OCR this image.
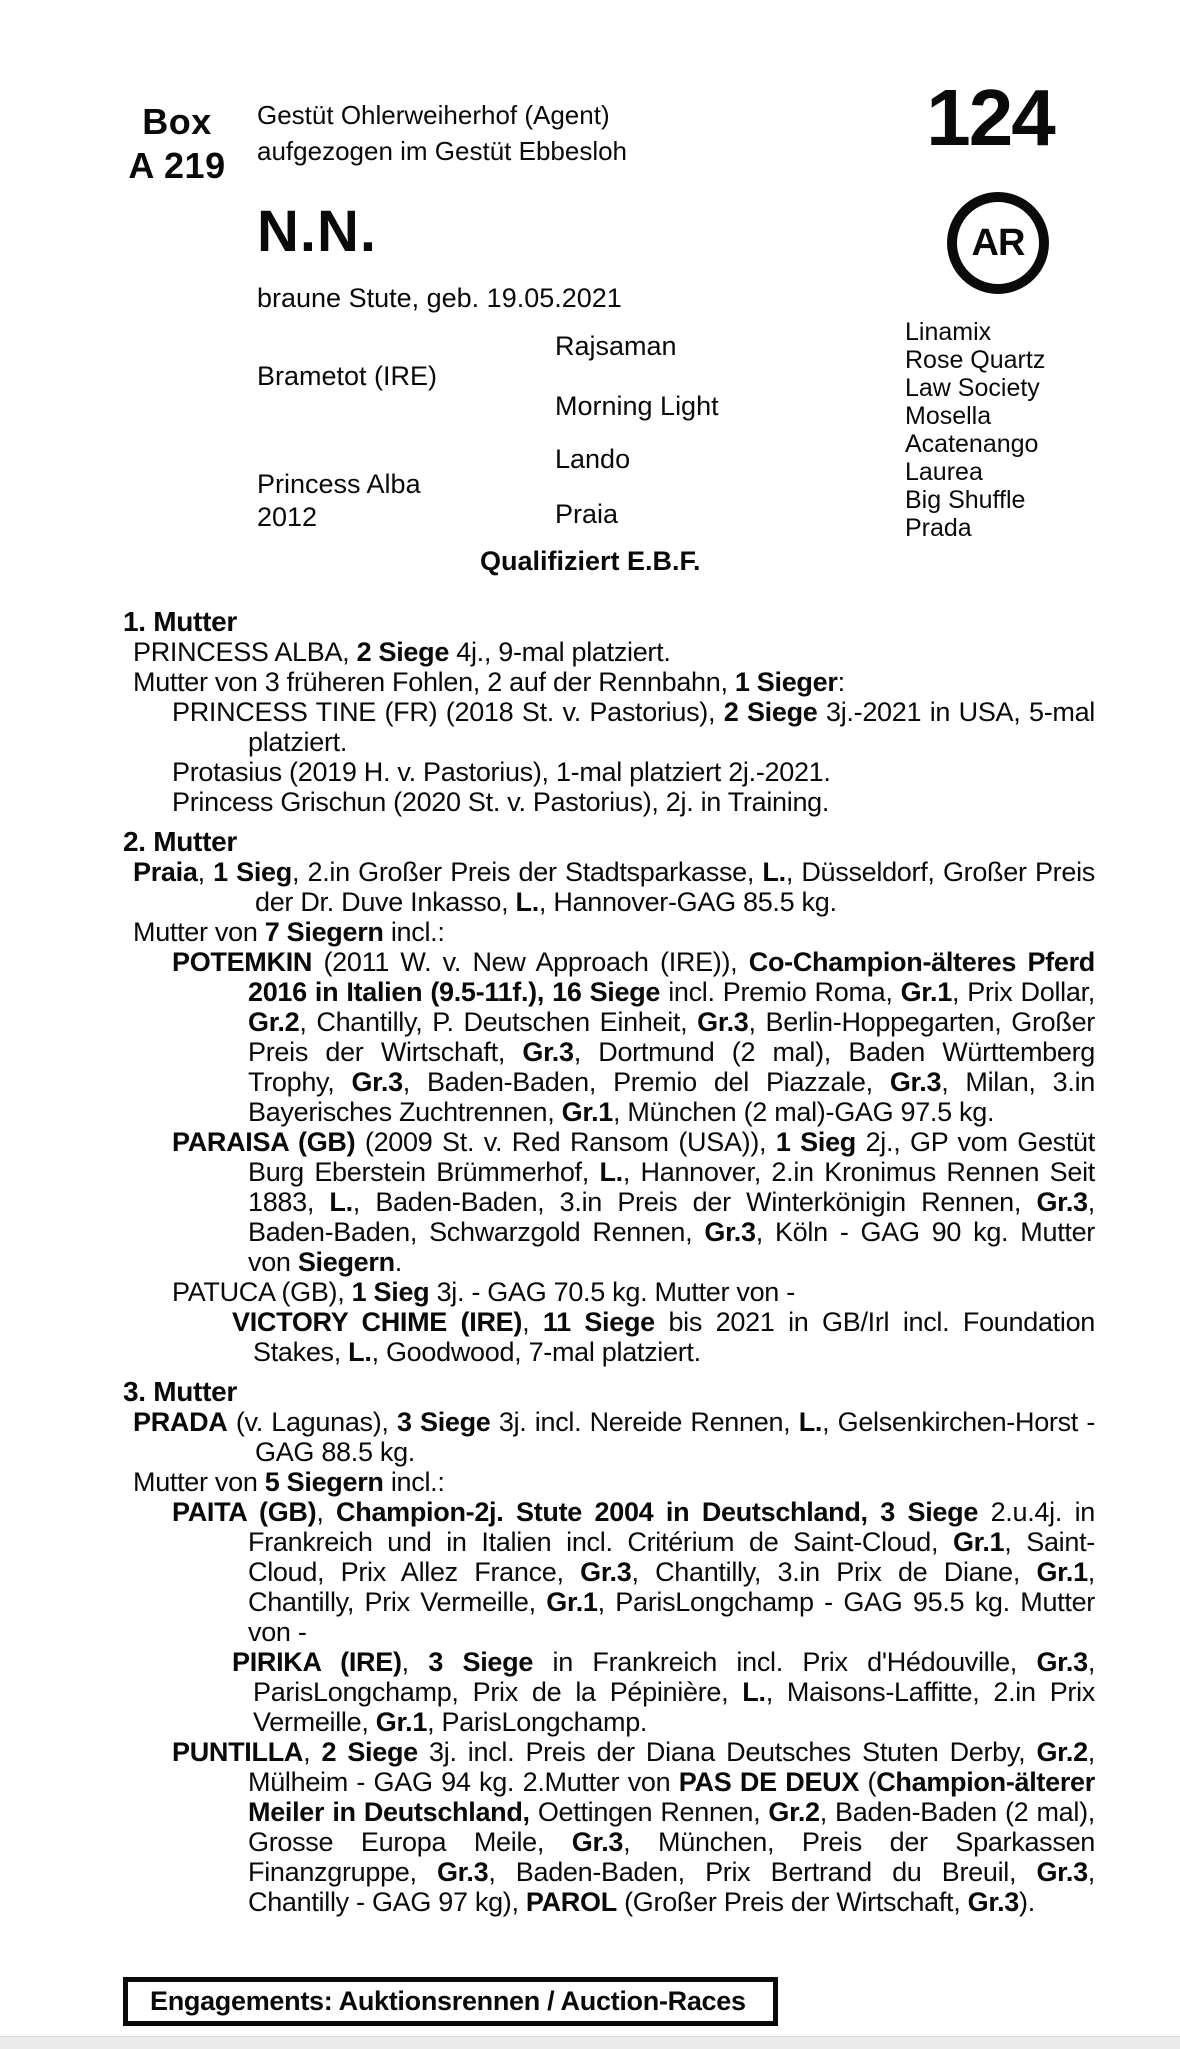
Box
A 219
Gestüt Ohlerweiherhof (Agent)
aufgezogen im Gestüt Ebbesloh	124
AR
N.N.
braune Stute, geb. 19.05.2021
Brametot (IRE)
Princess Alba
2012
Rajsaman
Morning Light
Lando
Praia
Linamix
Rose Quartz
Law Society
Mosella
Acatenango
Laurea
Big Shuffle
Prada
Qualifiziert E.B.F.
1. Mutter

PRINCESS ALBA, 2 Siege 4j., 9-mal platziert.

Mutter von 3 früheren Fohlen, 2 auf der Rennbahn, 1 Sieger:

PRINCESS TINE (FR) (2018 St. v. Pastorius), 2 Siege 3j.-2021 in USA, 5-mal platziert.

Protasius (2019 H. v. Pastorius), 1-mal platziert 2j.-2021.

Princess Grischun (2020 St. v. Pastorius), 2j. in Training.

2. Mutter

Praia, 1 Sieg, 2.in Großer Preis der Stadtsparkasse, L., Düsseldorf, Großer Preis der Dr. Duve Inkasso, L., Hannover-GAG 85.5 kg.

Mutter von 7 Siegern incl.:

POTEMKIN (2011 W. v. New Approach (IRE)), Co-Champion-älteres Pferd 2016 in Italien (9.5-11f.), 16 Siege incl. Premio Roma, Gr.1, Prix Dollar, Gr.2, Chantilly, P. Deutschen Einheit, Gr.3, Berlin-Hoppegarten, Großer Preis der Wirtschaft, Gr.3, Dortmund (2 mal), Baden Württemberg Trophy, Gr.3, Baden-Baden, Premio del Piazzale, Gr.3, Milan, 3.in Bayerisches Zuchtrennen, Gr.1, München (2 mal)-GAG 97.5 kg.

PARAISA (GB) (2009 St. v. Red Ransom (USA)), 1 Sieg 2j., GP vom Gestüt Burg Eberstein Brümmerhof, L., Hannover, 2.in Kronimus Rennen Seit 1883, L., Baden-Baden, 3.in Preis der Winterkönigin Rennen, Gr.3, Baden-Baden, Schwarzgold Rennen, Gr.3, Köln - GAG 90 kg. Mutter von Siegern.

PATUCA (GB), 1 Sieg 3j. - GAG 70.5 kg. Mutter von -

VICTORY CHIME (IRE), 11 Siege bis 2021 in GB/Irl incl. Foundation Stakes, L., Goodwood, 7-mal platziert.

3. Mutter

PRADA (v. Lagunas), 3 Siege 3j. incl. Nereide Rennen, L., Gelsenkirchen-Horst - GAG 88.5 kg.

Mutter von 5 Siegern incl.:

PAITA (GB), Champion-2j. Stute 2004 in Deutschland, 3 Siege 2.u.4j. in Frankreich und in Italien incl. Critérium de Saint-Cloud, Gr.1, Saint-Cloud, Prix Allez France, Gr.3, Chantilly, 3.in Prix de Diane, Gr.1, Chantilly, Prix Vermeille, Gr.1, ParisLongchamp - GAG 95.5 kg. Mutter von -

PIRIKA (IRE), 3 Siege in Frankreich incl. Prix d'Hédouville, Gr.3, ParisLongchamp, Prix de la Pépinière, L., Maisons-Laffitte, 2.in Prix Vermeille, Gr.1, ParisLongchamp.

PUNTILLA, 2 Siege 3j. incl. Preis der Diana Deutsches Stuten Derby, Gr.2, Mülheim - GAG 94 kg. 2.Mutter von PAS DE DEUX (Champion-älterer Meiler in Deutschland, Oettingen Rennen, Gr.2, Baden-Baden (2 mal), Grosse Europa Meile, Gr.3, München, Preis der Sparkassen Finanzgruppe, Gr.3, Baden-Baden, Prix Bertrand du Breuil, Gr.3, Chantilly - GAG 97 kg), PAROL (Großer Preis der Wirtschaft, Gr.3).

Engagements: Auktionsrennen / Auction-Races
